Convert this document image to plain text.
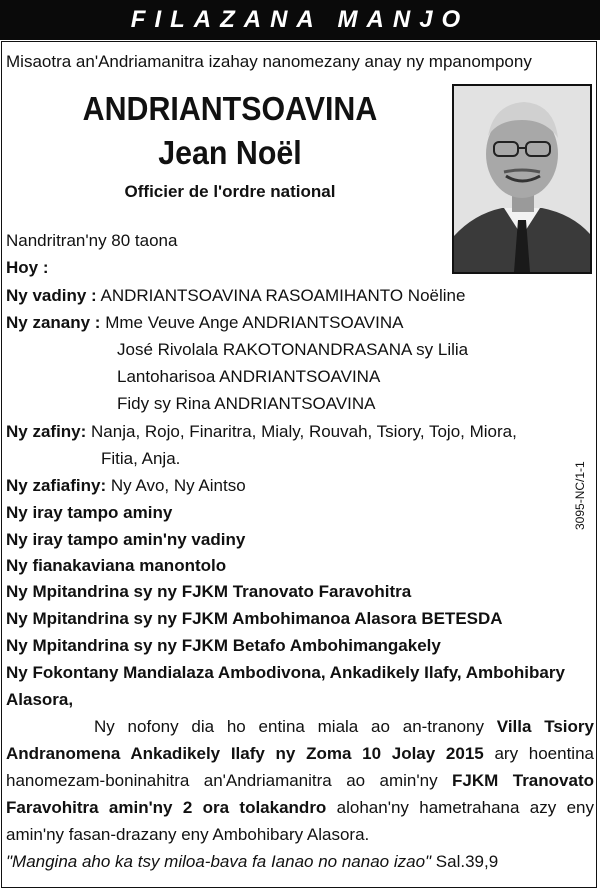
FILAZANA MANJO
Misaotra an'Andriamanitra izahay nanomezany anay ny mpanompony
ANDRIANTSOAVINA
Jean Noël
Officier de l'ordre national
Nandritran'ny 80 taona
Hoy :
Ny vadiny : ANDRIANTSOAVINA RASOAMIHANTO Noëline
Ny zanany : Mme Veuve Ange ANDRIANTSOAVINA
José Rivolala RAKOTONANDRASANA sy Lilia
Lantoharisoa ANDRIANTSOAVINA
Fidy sy Rina ANDRIANTSOAVINA
Ny zafiny: Nanja, Rojo, Finaritra, Mialy, Rouvah, Tsiory, Tojo, Miora,
Fitia, Anja.
Ny zafiafiny: Ny Avo, Ny Aintso
Ny iray tampo aminy
Ny iray tampo amin'ny vadiny
Ny fianakaviana manontolo
Ny Mpitandrina sy ny FJKM Tranovato Faravohitra
Ny Mpitandrina sy ny FJKM Ambohimanoa Alasora BETESDA
Ny Mpitandrina sy ny FJKM Betafo Ambohimangakely
Ny Fokontany Mandialaza Ambodivona, Ankadikely Ilafy, Ambohibary
Alasora,
Ny nofony dia ho entina miala ao an-tranony Villa Tsiory
Andranomena Ankadikely Ilafy ny Zoma 10 Jolay 2015 ary hoentina
hanomezam-boninahitra an'Andriamanitra ao amin'ny FJKM Tranovato
Faravohitra amin'ny 2 ora tolakandro alohan'ny hametrahana azy eny
amin'ny fasan-drazany eny Ambohibary Alasora.
"Mangina aho ka tsy miloa-bava fa Ianao no nanao izao" Sal.39,9
3095-NC/1-1
